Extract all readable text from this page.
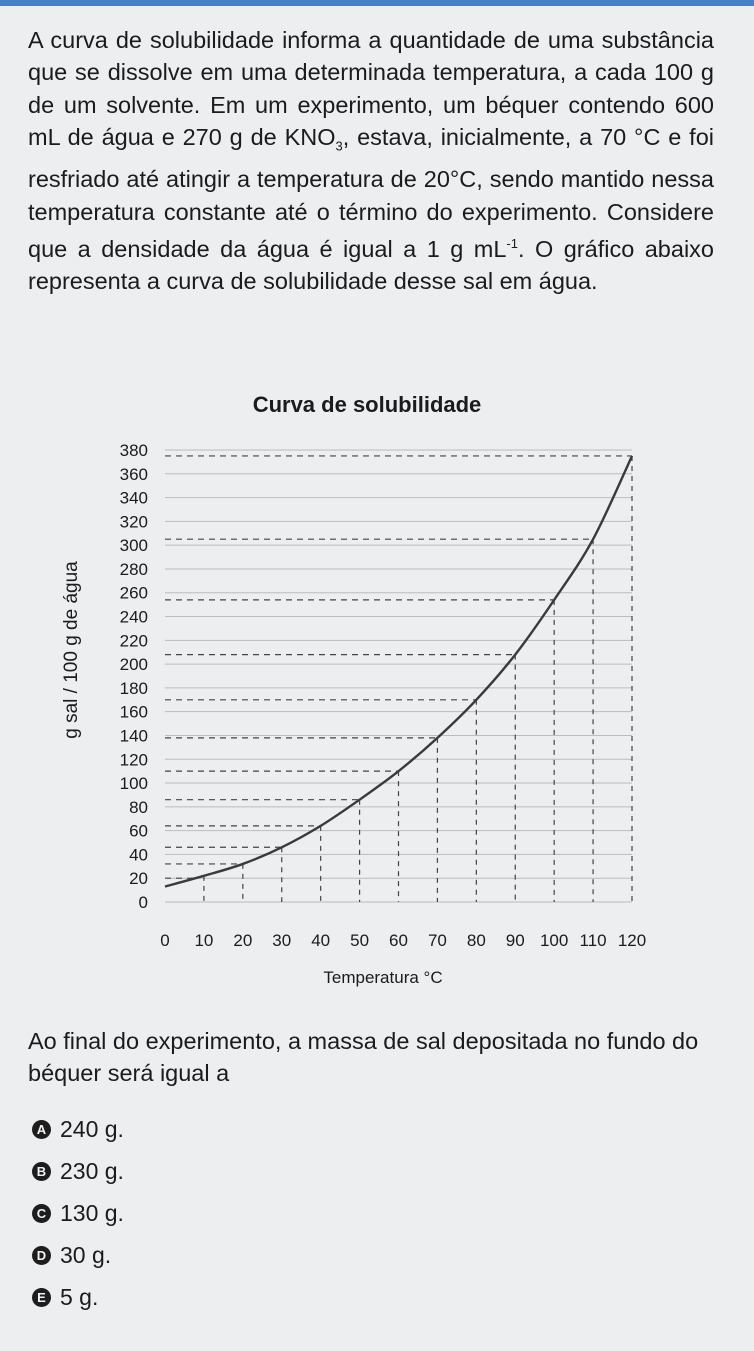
A curva de solubilidade informa a quantidade de uma substância que se dissolve em uma determinada temperatura, a cada 100 g de um solvente. Em um experimento, um béquer contendo 600 mL de água e 270 g de $KNO_3$, estava, inicialmente, a 70 °C e foi resfriado até atingir a temperatura de 20°C, sendo mantido nessa temperatura constante até o término do experimento. Considere que a densidade da água é igual a 1 g $mL^{-1}$. O gráfico abaixo representa a curva de solubilidade desse sal em água.

Curva de solubilidade
0
20
40
60
80
100
120
140
160
180
200
220
240
260
280
300
320
340
360
380
0 10 20 30 40 50 60 70 80 90 100 110 120
g sal / 100 g de água
Temperatura °C

Ao final do experimento, a massa de sal depositada no fundo do béquer será igual a

A 240 g.
B 230 g.
C 130 g.
D 30 g.
E 5 g.
